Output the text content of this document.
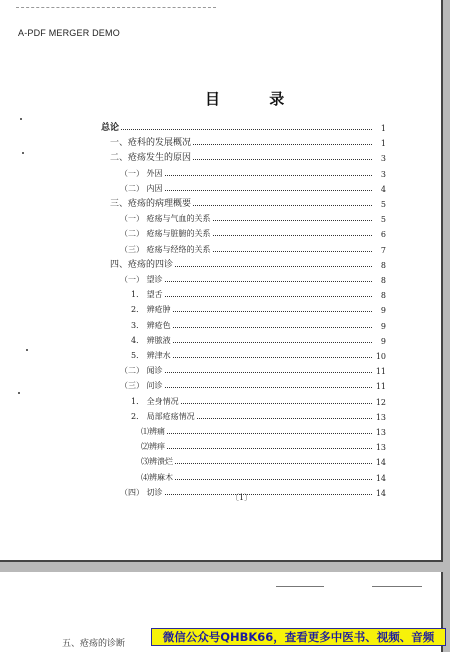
A-PDF MERGER DEMO
目 录
总论	1
一、疮科的发展概况	1
二、疮疡发生的原因	3
（一） 外因	3
（二） 内因	4
三、疮疡的病理概要	5
（一） 疮疡与气血的关系	5
（二） 疮疡与脏腑的关系	6
（三） 疮疡与经络的关系	7
四、疮疡的四诊	8
（一） 望诊	8
1． 望舌	8
2． 辨疮肿	9
3． 辨疮色	9
4． 辨脓液	9
5． 辨津水	10
（二） 闻诊	11
（三） 问诊	11
1． 全身情况	12
2． 局部疮疡情况	13
⑴辨痛	13
⑵辨痒	13
⑶辨溃烂	14
⑷辨麻木	14
（四） 切诊	14
〔1〕
五、疮疡的诊断	微信公众号QHBK66，查看更多中医书、视频、音频
